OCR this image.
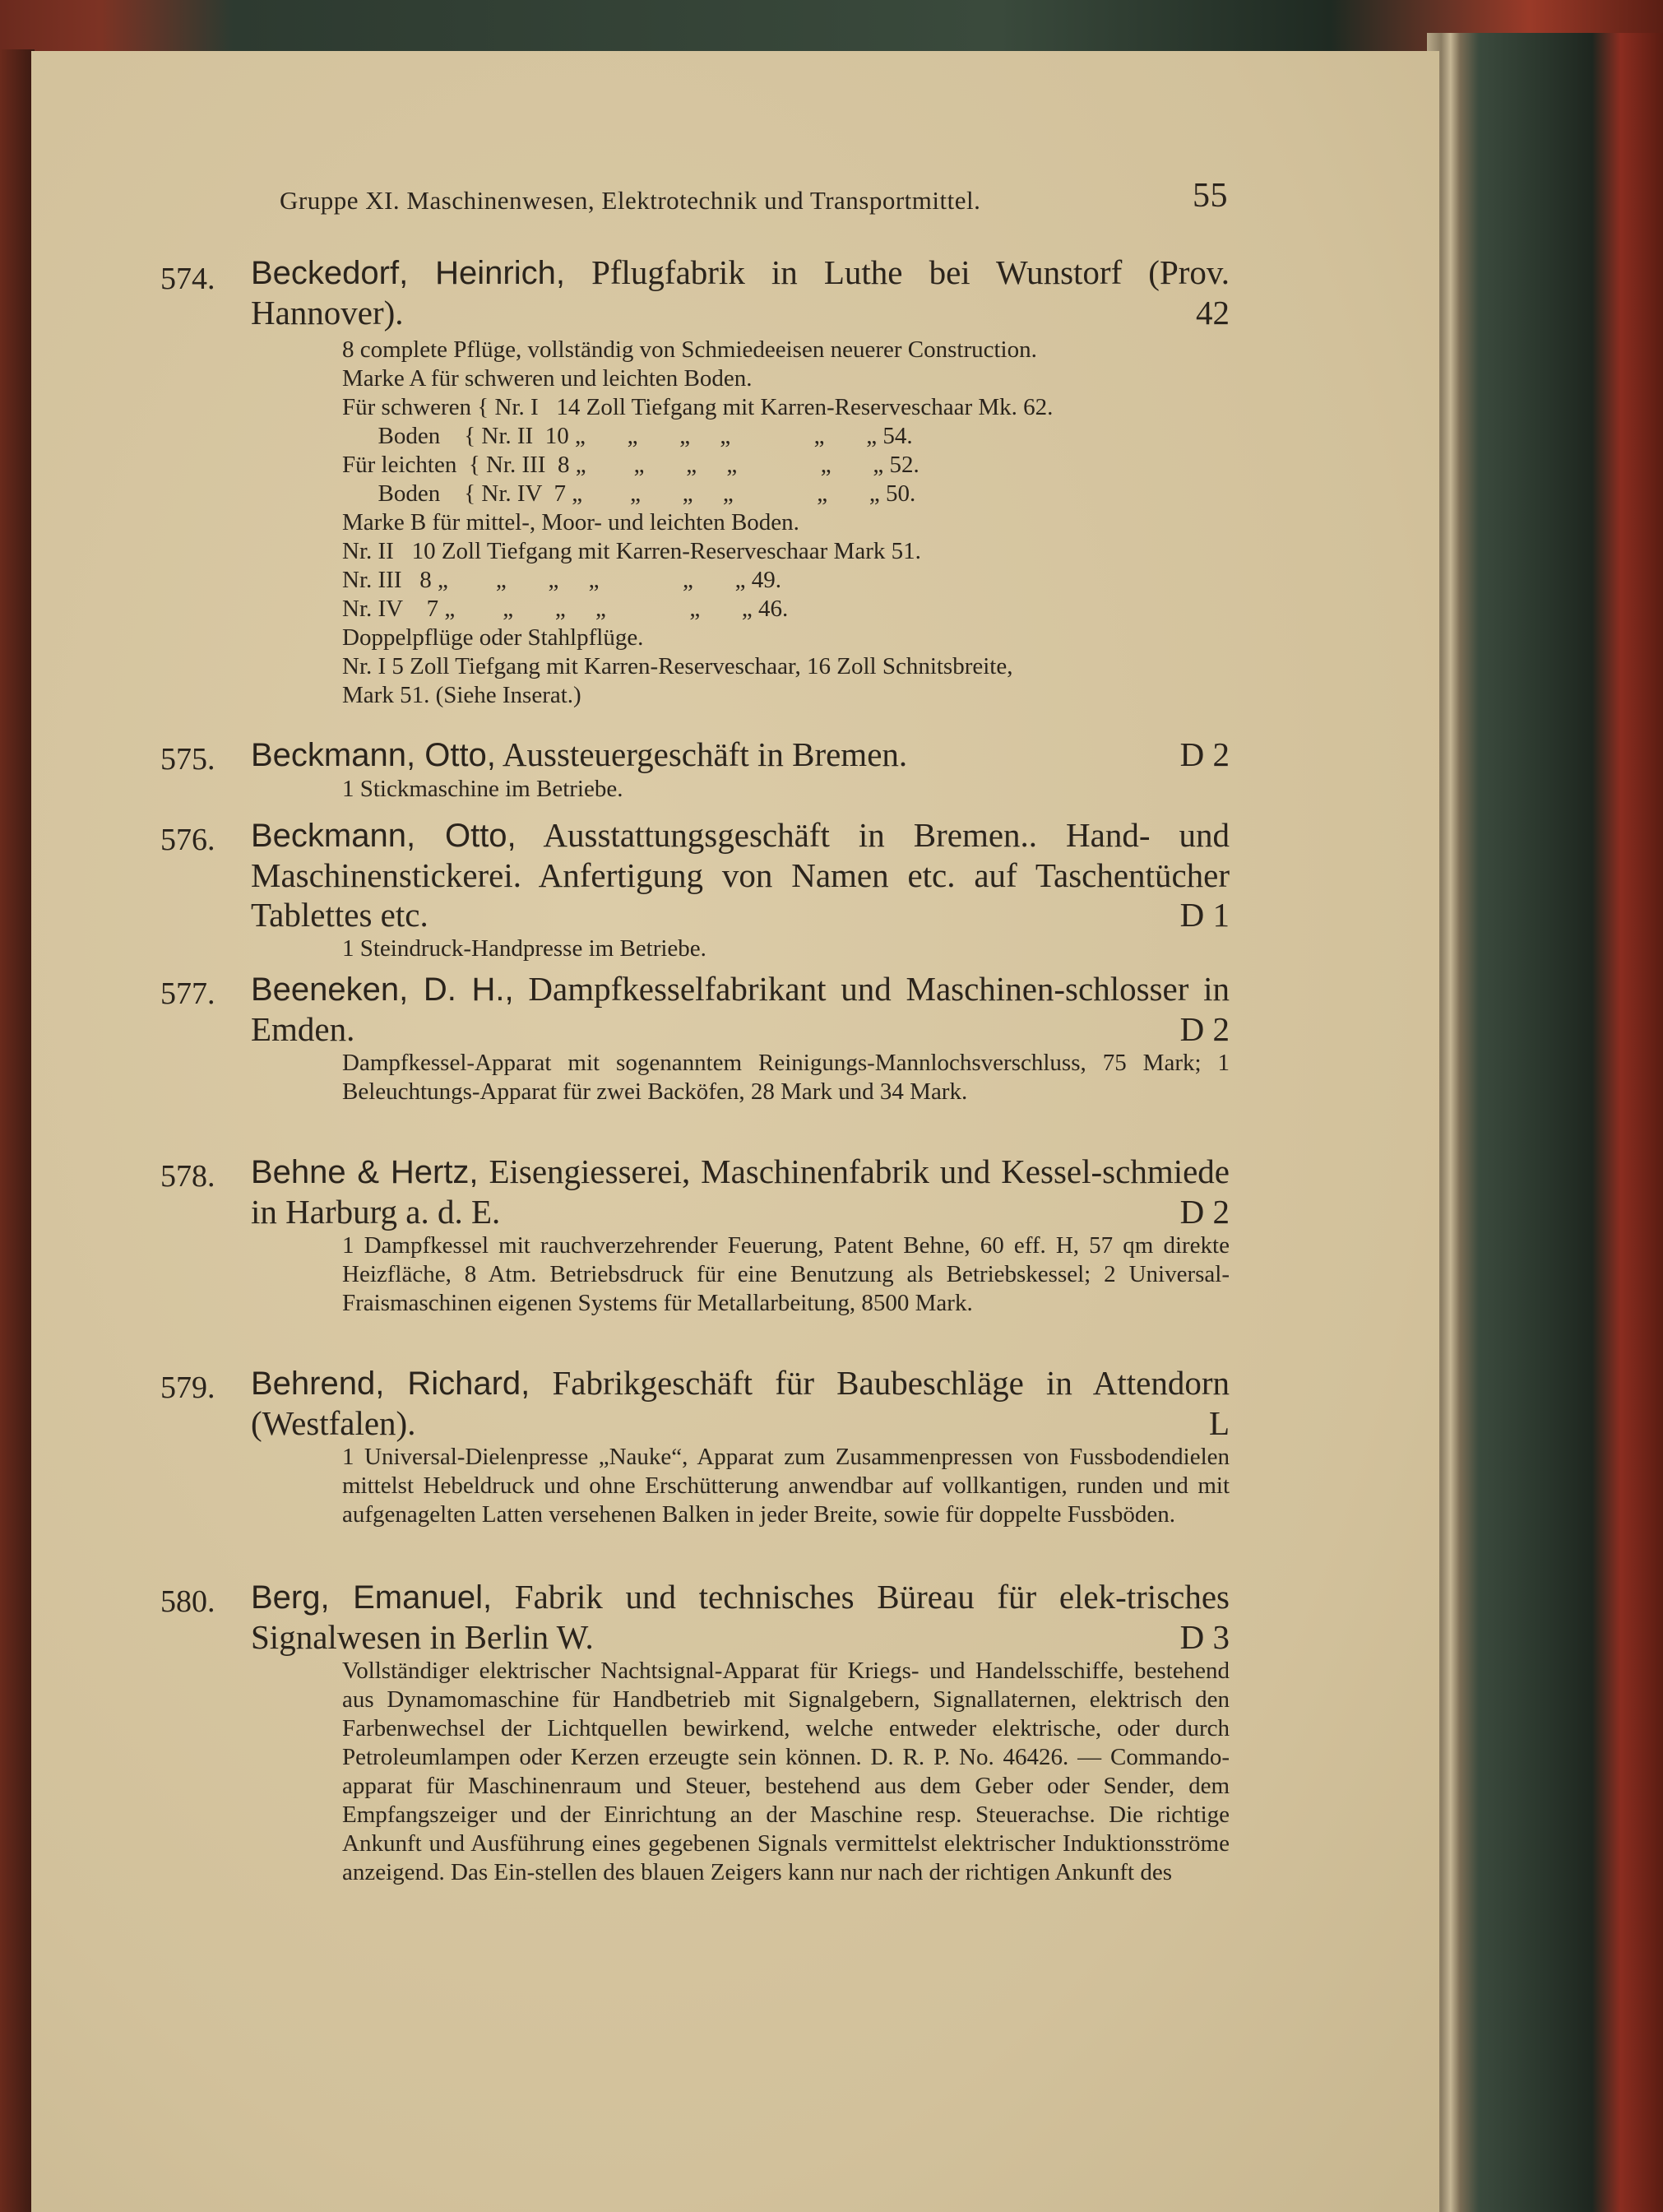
Gruppe XI. Maschinenwesen, Elektrotechnik und Transportmittel.	55
574. Beckedorf, Heinrich, Pflugfabrik in Luthe bei Wunstorf (Prov. Hannover).	42

8 complete Pflüge, vollständig von Schmiedeeisen neuerer Construction.
Marke A für schweren und leichten Boden.
Für schweren { Nr. I   14 Zoll Tiefgang mit Karren-Reserveschaar Mk. 62.
Boden    { Nr. II  10 „       „       „     „              „       „ 54.
Für leichten  { Nr. III  8 „        „       „     „              „       „ 52.
Boden    { Nr. IV  7 „        „       „     „              „       „ 50.
Marke B für mittel-, Moor- und leichten Boden.
Nr. II   10 Zoll Tiefgang mit Karren-Reserveschaar Mark 51.
Nr. III   8 „        „       „     „              „       „ 49.
Nr. IV    7 „        „       „     „              „       „ 46.
Doppelpflüge oder Stahlpflüge.
Nr. I 5 Zoll Tiefgang mit Karren-Reserveschaar, 16 Zoll Schnitsbreite,
Mark 51. (Siehe Inserat.)
575. Beckmann, Otto, Aussteuergeschäft in Bremen.	D 2

1 Stickmaschine im Betriebe.

576. Beckmann, Otto, Ausstattungsgeschäft in Bremen.. Hand- und Maschinenstickerei. Anfertigung von Namen etc. auf Taschentücher Tablettes etc.	D 1

1 Steindruck-Handpresse im Betriebe.

577. Beeneken, D. H., Dampfkesselfabrikant und Maschinen-schlosser in Emden.	D 2

Dampfkessel-Apparat mit sogenanntem Reinigungs-Mannlochsverschluss, 75 Mark; 1 Beleuchtungs-Apparat für zwei Backöfen, 28 Mark und 34 Mark.

578. Behne & Hertz, Eisengiesserei, Maschinenfabrik und Kessel-schmiede in Harburg a. d. E.	D 2

1 Dampfkessel mit rauchverzehrender Feuerung, Patent Behne, 60 eff. H, 57 qm direkte Heizfläche, 8 Atm. Betriebsdruck für eine Benutzung als Betriebskessel; 2 Universal-Fraismaschinen eigenen Systems für Metallarbeitung, 8500 Mark.

579. Behrend, Richard, Fabrikgeschäft für Baubeschläge in Attendorn (Westfalen).	L

1 Universal-Dielenpresse „Nauke“, Apparat zum Zusammenpressen von Fussbodendielen mittelst Hebeldruck und ohne Erschütterung anwendbar auf vollkantigen, runden und mit aufgenagelten Latten versehenen Balken in jeder Breite, sowie für doppelte Fussböden.

580. Berg, Emanuel, Fabrik und technisches Büreau für elek-trisches Signalwesen in Berlin W.	D 3

Vollständiger elektrischer Nachtsignal-Apparat für Kriegs- und Handelsschiffe, bestehend aus Dynamomaschine für Handbetrieb mit Signalgebern, Signallaternen, elektrisch den Farbenwechsel der Lichtquellen bewirkend, welche entweder elektrische, oder durch Petroleumlampen oder Kerzen erzeugte sein können. D. R. P. No. 46426. — Commando-apparat für Maschinenraum und Steuer, bestehend aus dem Geber oder Sender, dem Empfangszeiger und der Einrichtung an der Maschine resp. Steuerachse. Die richtige Ankunft und Ausführung eines gegebenen Signals vermittelst elektrischer Induktionsströme anzeigend. Das Ein-stellen des blauen Zeigers kann nur nach der richtigen Ankunft des
